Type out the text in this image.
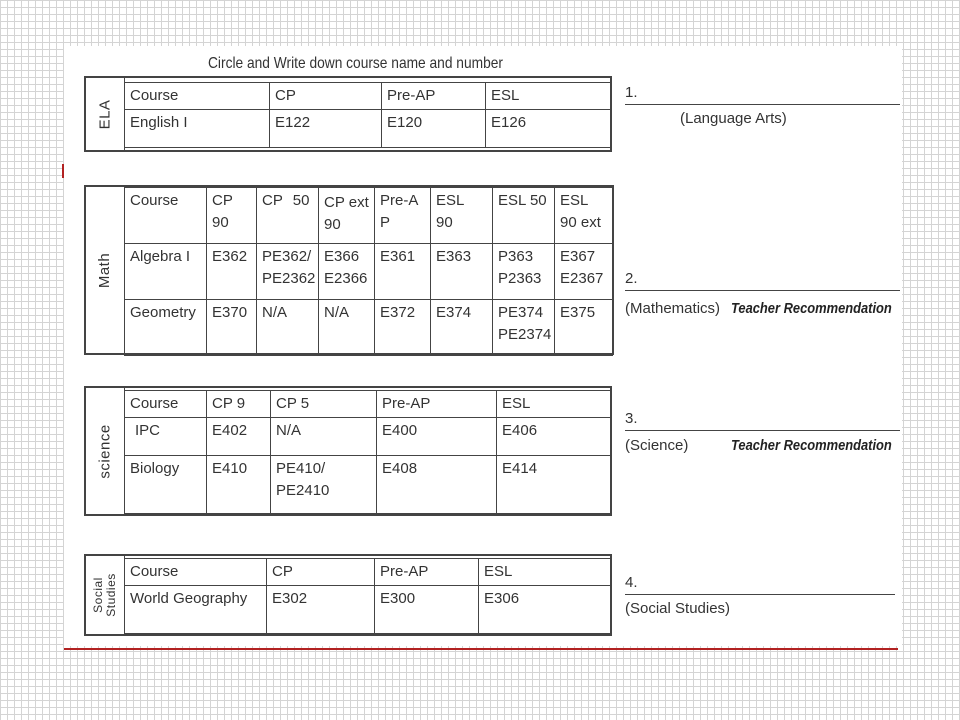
Circle and Write down course name and number
ELA
Course	CP	Pre-AP	ESL
English I	E122	E120	E126
1.
(Language Arts)
Math
Course	CP 90	CP 50	CP ext 90	Pre-AP	ESL 90	ESL 50	ESL 90 ext
Algebra I	E362	PE362/ PE2362	E366 E2366	E361	E363	P363 P2363	E367 E2367
Geometry	E370	N/A	N/A	E372	E374	PE374 PE2374	E375
2.
(Mathematics) Teacher Recommendation
science
Course	CP 9	CP 5	Pre-AP	ESL
IPC	E402	N/A	E400	E406
Biology	E410	PE410/ PE2410	E408	E414
3.
(Science)	Teacher Recommendation
Social Studies
Course	CP	Pre-AP	ESL
World Geography	E302	E300	E306
4.
(Social Studies)
